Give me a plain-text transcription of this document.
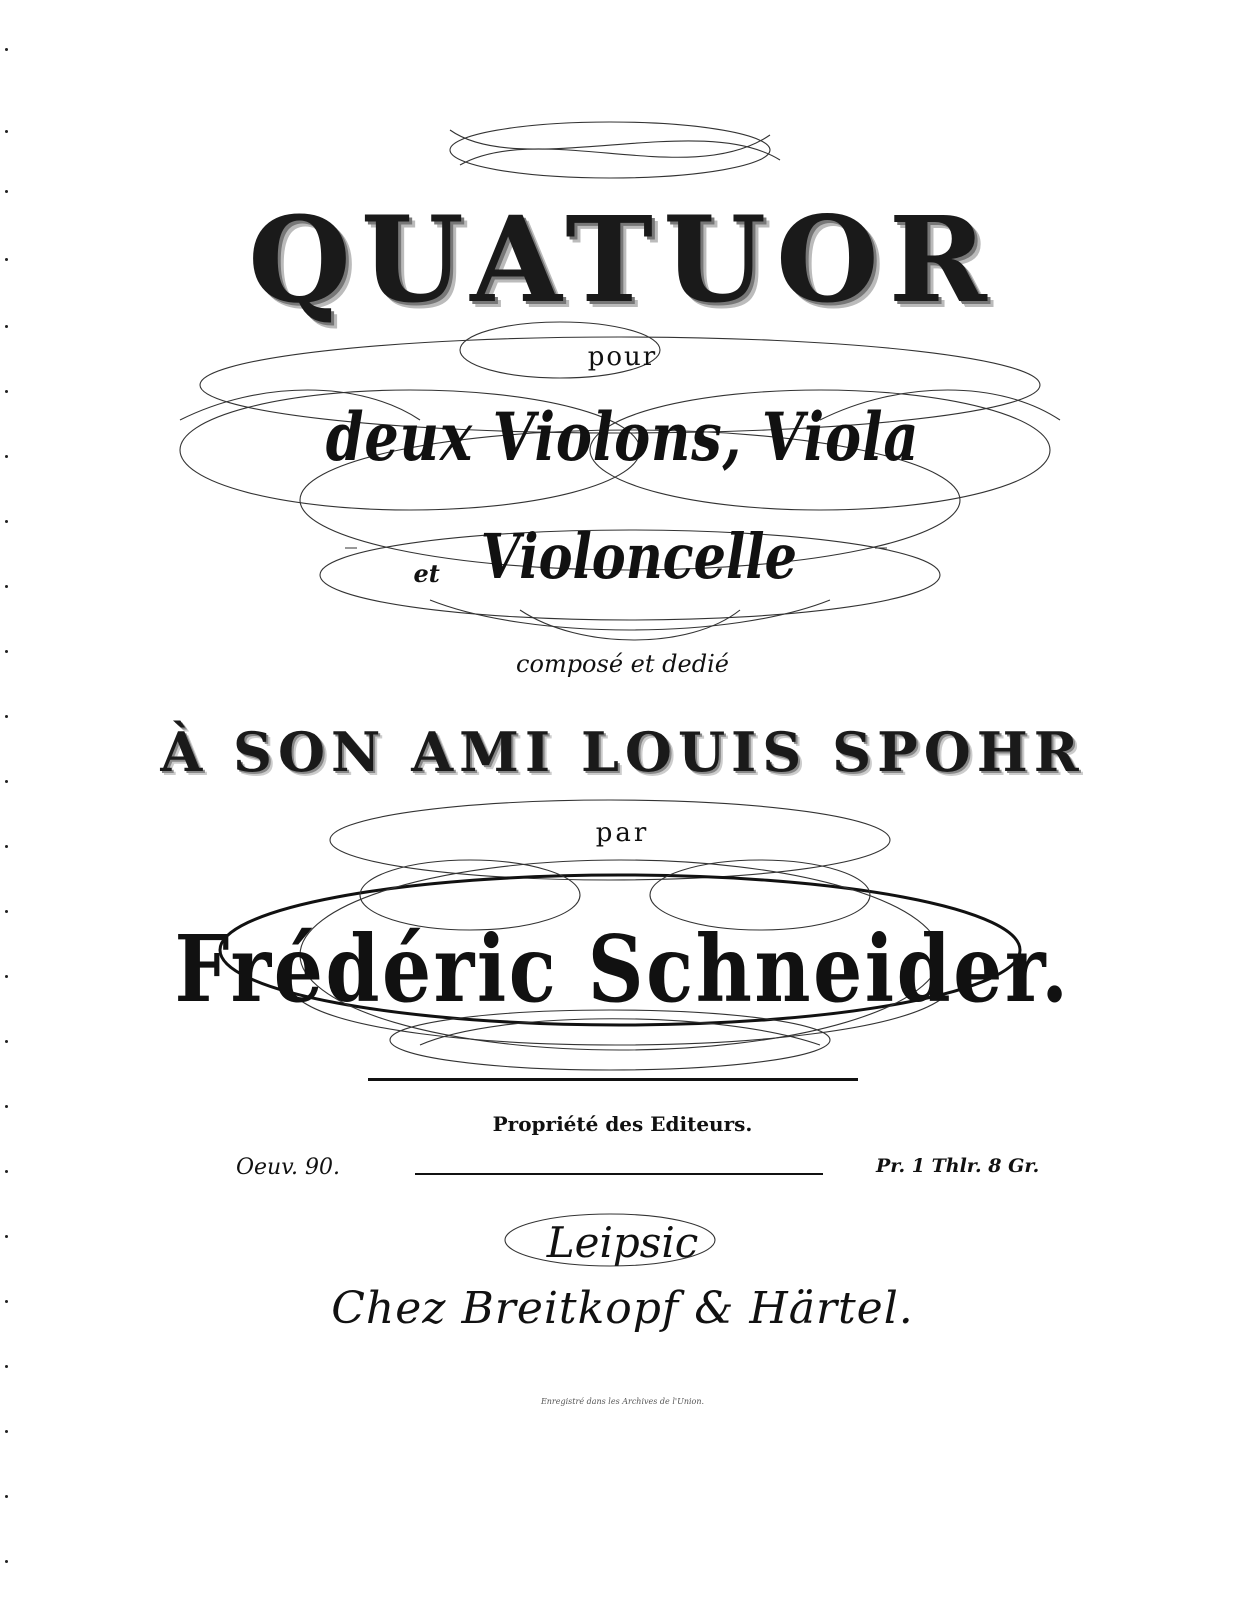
QUATUOR
pour
deux Violons, Viola
et Violoncelle
composé et dedié
À SON AMI LOUIS SPOHR
par
Frédéric Schneider.
Propriété des Editeurs.
Oeuv. 90.	Pr. 1 Thlr. 8 Gr.
Leipsic
Chez Breitkopf & Härtel.
Enregistré dans les Archives de l'Union.
